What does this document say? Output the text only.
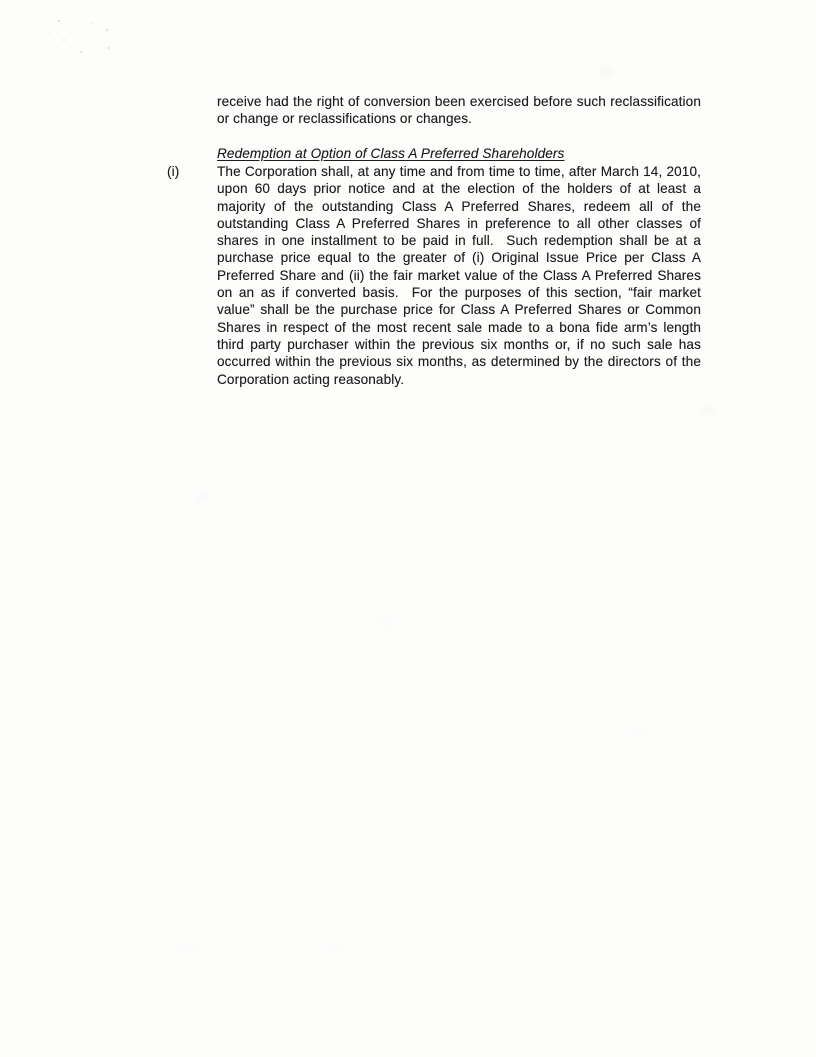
receive had the right of conversion been exercised before such reclassification or change or reclassifications or changes.
Redemption at Option of Class A Preferred Shareholders
(i)	The Corporation shall, at any time and from time to time, after March 14, 2010, upon 60 days prior notice and at the election of the holders of at least a majority of the outstanding Class A Preferred Shares, redeem all of the outstanding Class A Preferred Shares in preference to all other classes of shares in one installment to be paid in full.  Such redemption shall be at a purchase price equal to the greater of (i) Original Issue Price per Class A Preferred Share and (ii) the fair market value of the Class A Preferred Shares on an as if converted basis.  For the purposes of this section, “fair market value” shall be the purchase price for Class A Preferred Shares or Common Shares in respect of the most recent sale made to a bona fide arm’s length third party purchaser within the previous six months or, if no such sale has occurred within the previous six months, as determined by the directors of the Corporation acting reasonably.
